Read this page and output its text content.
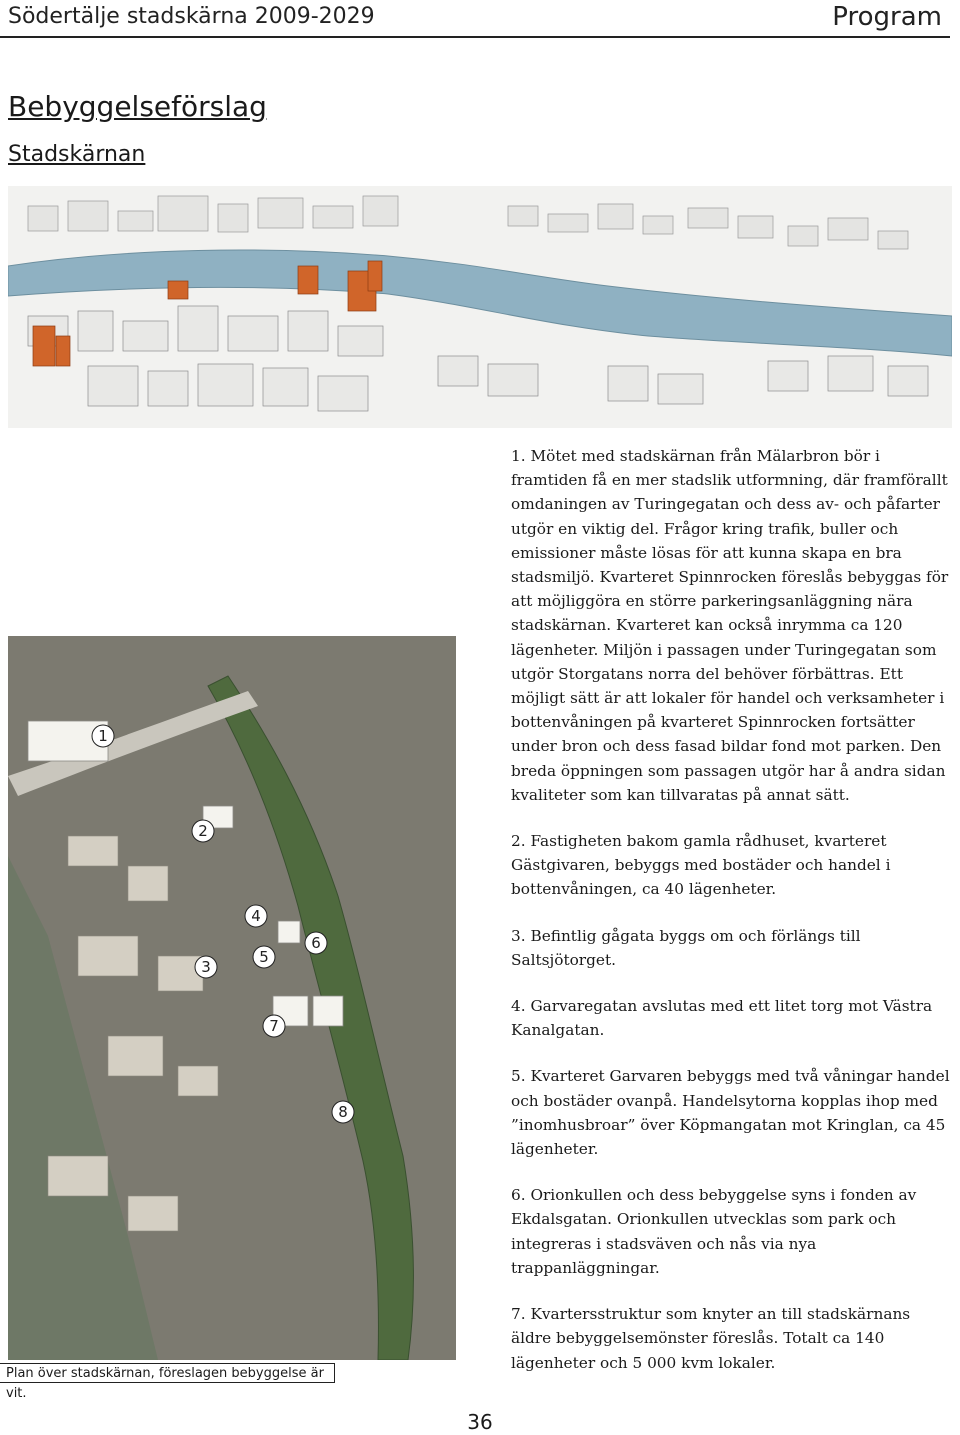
Södertälje stadskärna 2009-2029	Program
Bebyggelseförslag
Stadskärnan
1
2
3
4
5
6
7
8

1. Mötet med stadskärnan från Mälarbron bör i framtiden få en mer stadslik utformning, där framförallt omdaningen av Turingegatan och dess av- och påfarter utgör en viktig del. Frågor kring trafik, buller och emissioner måste lösas för att kunna skapa en bra stadsmiljö. Kvarteret Spinnrocken föreslås bebyggas för att möjliggöra en större parkeringsanläggning nära stadskärnan. Kvarteret kan också inrymma ca 120 lägenheter. Miljön i passagen under Turingegatan som utgör Storgatans norra del behöver förbättras. Ett möjligt sätt är att lokaler för handel och verksamheter i bottenvåningen på kvarteret Spinnrocken fortsätter under bron och dess fasad bildar fond mot parken. Den breda öppningen som passagen utgör har å andra sidan kvaliteter som kan tillvaratas på annat sätt.

2. Fastigheten bakom gamla rådhuset, kvarteret Gästgivaren, bebyggs med bostäder och handel i bottenvåningen, ca 40 lägenheter.

3. Befintlig gågata byggs om och förlängs till Saltsjötorget.

4. Garvaregatan avslutas med ett litet torg mot Västra Kanalgatan.

5. Kvarteret Garvaren bebyggs med två våningar handel och bostäder ovanpå. Handelsytorna kopplas ihop med ”inomhusbroar” över Köpmangatan mot Kringlan, ca 45 lägenheter.

6. Orionkullen och dess bebyggelse syns i fonden av Ekdalsgatan. Orionkullen utvecklas som park och integreras i stadsväven och nås via nya trappanläggningar.

7. Kvartersstruktur som knyter an till stadskärnans äldre bebyggelsemönster föreslås. Totalt ca 140 lägenheter och 5 000 kvm lokaler.

Plan över stadskärnan, föreslagen bebyggelse är vit.
36
